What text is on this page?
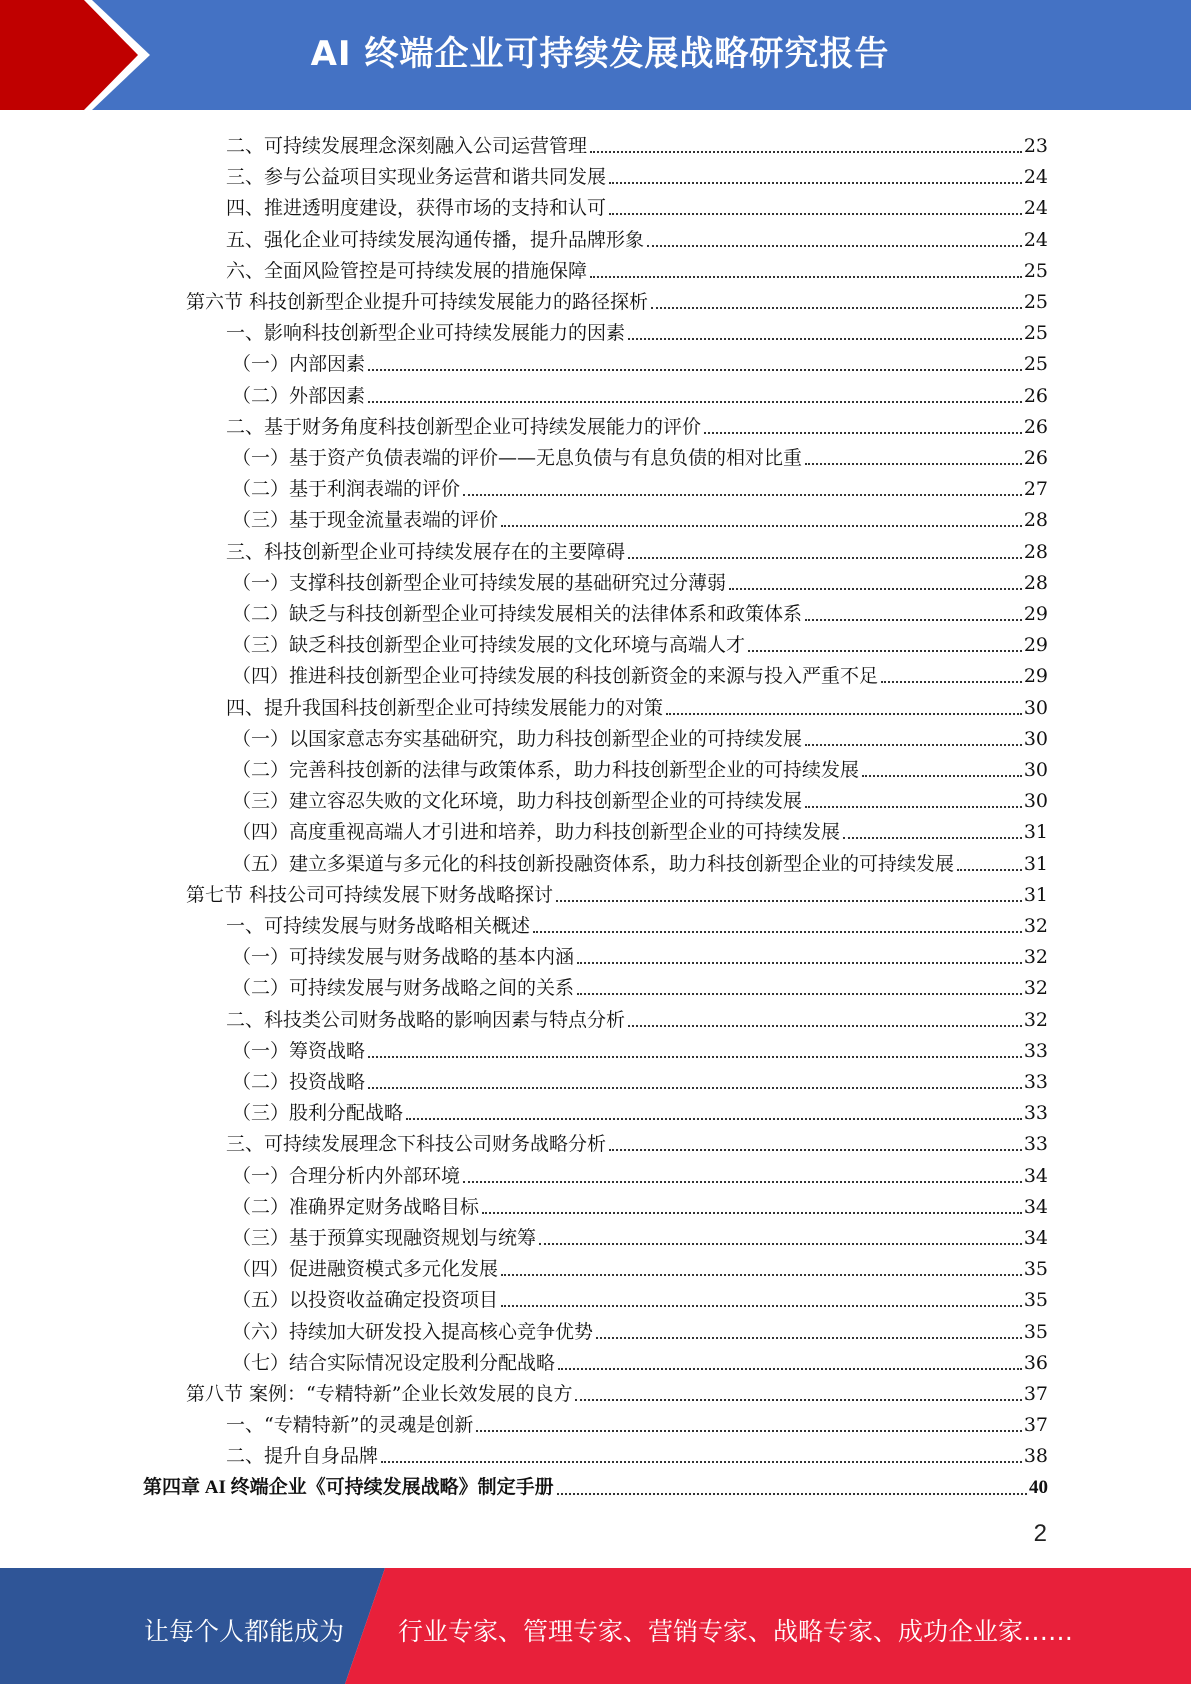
AI 终端企业可持续发展战略研究报告
二、可持续发展理念深刻融入公司运营管理	23
三、参与公益项目实现业务运营和谐共同发展	24
四、推进透明度建设，获得市场的支持和认可	24
五、强化企业可持续发展沟通传播，提升品牌形象	24
六、全面风险管控是可持续发展的措施保障	25
第六节 科技创新型企业提升可持续发展能力的路径探析	25
一、影响科技创新型企业可持续发展能力的因素	25
（一）内部因素	25
（二）外部因素	26
二、基于财务角度科技创新型企业可持续发展能力的评价	26
（一）基于资产负债表端的评价——无息负债与有息负债的相对比重	26
（二）基于利润表端的评价	27
（三）基于现金流量表端的评价	28
三、科技创新型企业可持续发展存在的主要障碍	28
（一）支撑科技创新型企业可持续发展的基础研究过分薄弱	28
（二）缺乏与科技创新型企业可持续发展相关的法律体系和政策体系	29
（三）缺乏科技创新型企业可持续发展的文化环境与高端人才	29
（四）推进科技创新型企业可持续发展的科技创新资金的来源与投入严重不足	29
四、提升我国科技创新型企业可持续发展能力的对策	30
（一）以国家意志夯实基础研究，助力科技创新型企业的可持续发展	30
（二）完善科技创新的法律与政策体系，助力科技创新型企业的可持续发展	30
（三）建立容忍失败的文化环境，助力科技创新型企业的可持续发展	30
（四）高度重视高端人才引进和培养，助力科技创新型企业的可持续发展	31
（五）建立多渠道与多元化的科技创新投融资体系，助力科技创新型企业的可持续发展	31
第七节 科技公司可持续发展下财务战略探讨	31
一、可持续发展与财务战略相关概述	32
（一）可持续发展与财务战略的基本内涵	32
（二）可持续发展与财务战略之间的关系	32
二、科技类公司财务战略的影响因素与特点分析	32
（一）筹资战略	33
（二）投资战略	33
（三）股利分配战略	33
三、可持续发展理念下科技公司财务战略分析	33
（一）合理分析内外部环境	34
（二）准确界定财务战略目标	34
（三）基于预算实现融资规划与统筹	34
（四）促进融资模式多元化发展	35
（五）以投资收益确定投资项目	35
（六）持续加大研发投入提高核心竞争优势	35
（七）结合实际情况设定股利分配战略	36
第八节 案例：“专精特新”企业长效发展的良方	37
一、“专精特新”的灵魂是创新	37
二、提升自身品牌	38
第四章 AI 终端企业《可持续发展战略》制定手册	40
2
让每个人都能成为 行业专家、管理专家、营销专家、战略专家、成功企业家……
